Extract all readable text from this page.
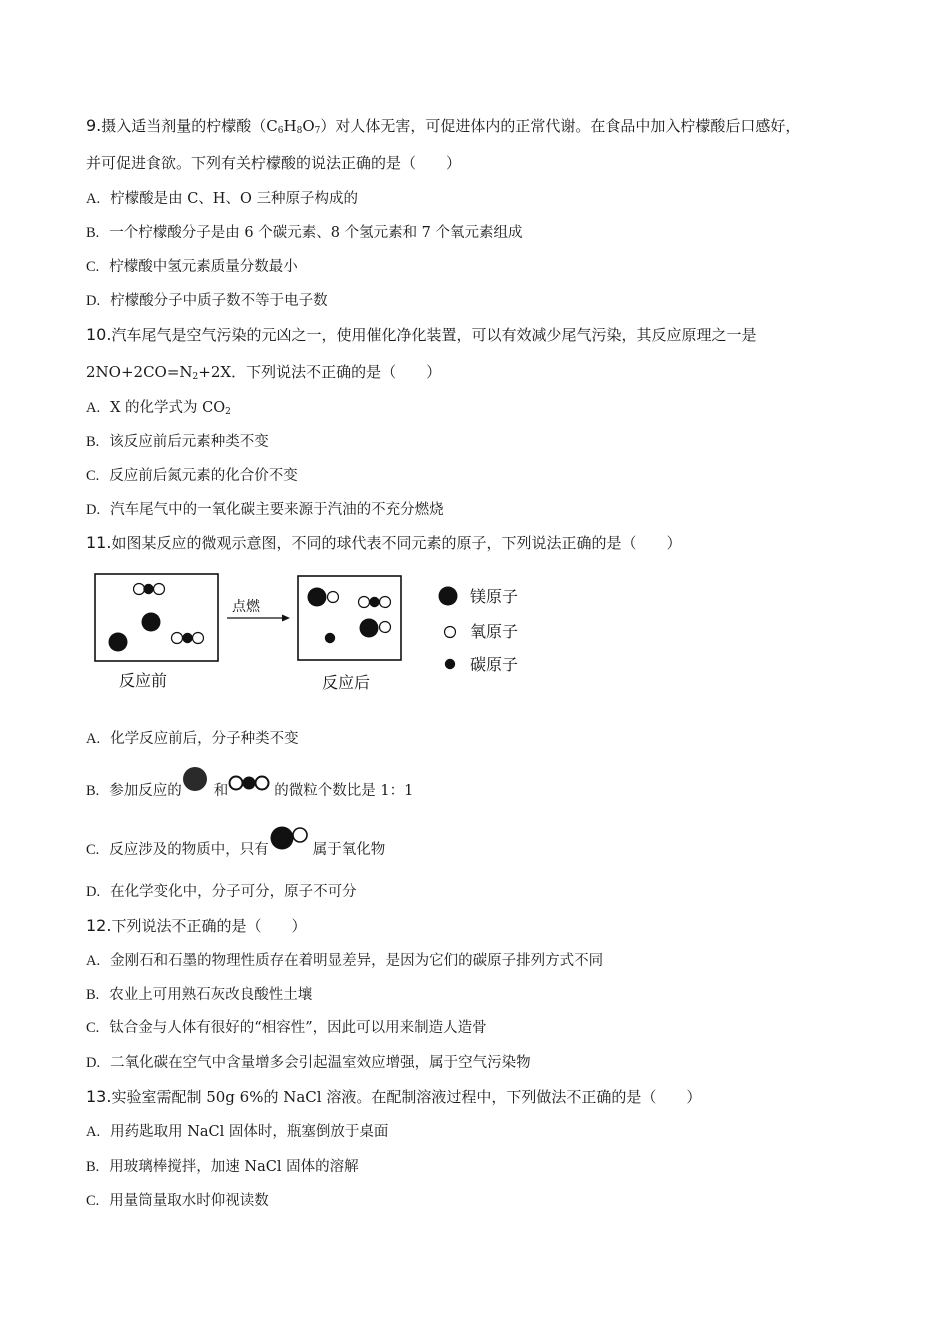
9.摄入适当剂量的柠檬酸$(C_6H_8O_7)$对人体无害，可促进体内的正常代谢。在食品中加入柠檬酸后口感好，
并可促进食欲。下列有关柠檬酸的说法正确的是（　　）
A. 柠檬酸是由 C、H、O 三种原子构成的
B. 一个柠檬酸分子是由 6 个碳元素、8 个氢元素和 7 个氧元素组成
C. 柠檬酸中氢元素质量分数最小
D. 柠檬酸分子中质子数不等于电子数
10.汽车尾气是空气污染的元凶之一，使用催化净化装置，可以有效减少尾气污染，其反应原理之一是
$2NO+2CO=N_2+2X$．下列说法不正确的是（　　）
A. X 的化学式为 $CO_2$
B. 该反应前后元素种类不变
C. 反应前后氮元素的化合价不变
D. 汽车尾气中的一氧化碳主要来源于汽油的不充分燃烧
11.如图某反应的微观示意图，不同的球代表不同元素的原子，下列说法正确的是（　　）
点燃
反应前	反应后
镁原子
氧原子
碳原子
A. 化学反应前后，分子种类不变
B. 参加反应的 和	的微粒个数比是 1：1
C. 反应涉及的物质中，只有	属于氧化物
D. 在化学变化中，分子可分，原子不可分
12.下列说法不正确的是（　　）
A. 金刚石和石墨的物理性质存在着明显差异，是因为它们的碳原子排列方式不同
B. 农业上可用熟石灰改良酸性土壤
C. 钛合金与人体有很好的“相容性”，因此可以用来制造人造骨
D. 二氧化碳在空气中含量增多会引起温室效应增强，属于空气污染物
13.实验室需配制 50g 6%的 NaCl 溶液。在配制溶液过程中，下列做法不正确的是（　　）
A. 用药匙取用 NaCl 固体时，瓶塞倒放于桌面
B. 用玻璃棒搅拌，加速 NaCl 固体的溶解
C. 用量筒量取水时仰视读数
